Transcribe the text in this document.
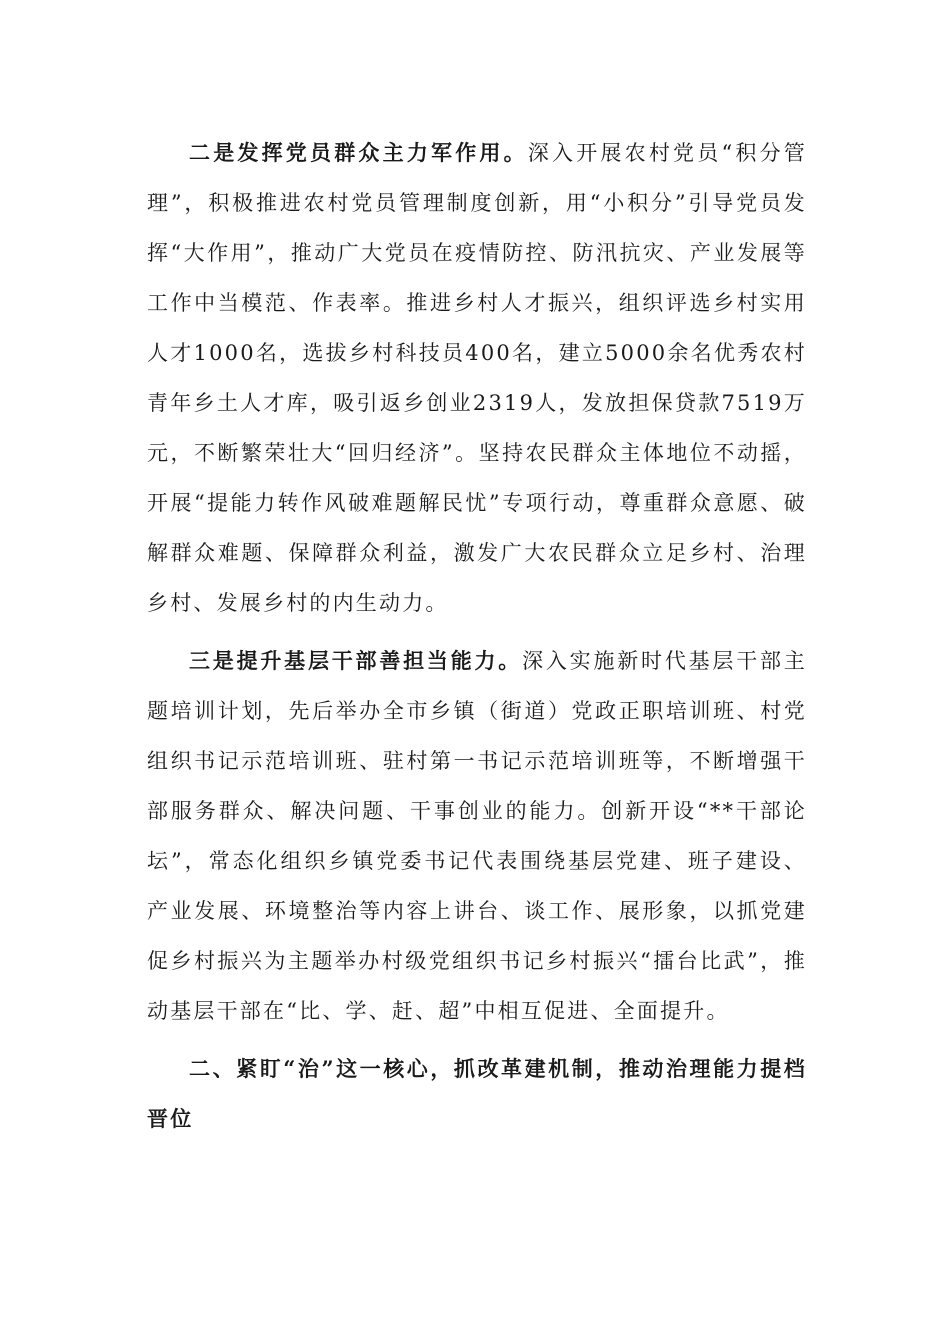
二是发挥党员群众主力军作用。深入开展农村党员“积分管理”，积极推进农村党员管理制度创新，用“小积分”引导党员发挥“大作用”，推动广大党员在疫情防控、防汛抗灾、产业发展等工作中当模范、作表率。推进乡村人才振兴，组织评选乡村实用人才1000名，选拔乡村科技员400名，建立5000余名优秀农村青年乡土人才库，吸引返乡创业2319人，发放担保贷款7519万元，不断繁荣壮大“回归经济”。坚持农民群众主体地位不动摇，开展“提能力转作风破难题解民忧”专项行动，尊重群众意愿、破解群众难题、保障群众利益，激发广大农民群众立足乡村、治理乡村、发展乡村的内生动力。

三是提升基层干部善担当能力。深入实施新时代基层干部主题培训计划，先后举办全市乡镇（街道）党政正职培训班、村党组织书记示范培训班、驻村第一书记示范培训班等，不断增强干部服务群众、解决问题、干事创业的能力。创新开设“**干部论坛”，常态化组织乡镇党委书记代表围绕基层党建、班子建设、产业发展、环境整治等内容上讲台、谈工作、展形象，以抓党建促乡村振兴为主题举办村级党组织书记乡村振兴“擂台比武”，推动基层干部在“比、学、赶、超”中相互促进、全面提升。

二、紧盯“治”这一核心，抓改革建机制，推动治理能力提档晋位
